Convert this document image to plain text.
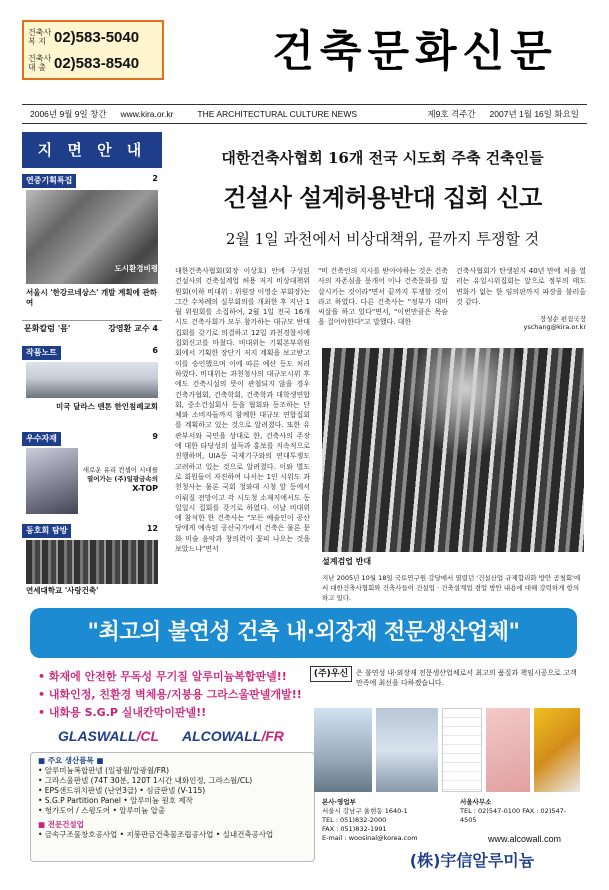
건축사
복 지 02)583-5040
건축사
대 출 02)583-8540	건축문화신문
2006년 9월 9일 창간 www.kira.or.kr	THE ARCHITECTURAL CULTURE NEWS	제9호 격주간 2007년 1월 16일 화요일
지 면 안 내
연중기획특집	2
도시환경비평
서울시 '한강르네상스' 개발 계획에 관하여
문화칼럼 '몸'	강영환 교수 4
작품노트	6
미국 달라스 덴톤 한인침례교회
우수자재	9
새로운 유리 컨셉이 시대를
열어가는 (주)일광금속의
X-TOP
동호회 탐방	12
연세대학교 '사랑건축'
대한건축사협회 16개 전국 시도회 주축 건축인들
건설사 설계허용반대 집회 신고
2월 1일 과천에서 비상대책위, 끝까지 투쟁할 것
대한건축사협회(회장 이상호) 안에 구성된 건설사의 건축설계업 허용 저지 비상대책위원회(이하 비대위 : 위원장 이영순 부회장)는 그간 수차례의 실무회의를 개최한 후 지난 1월 위원회를 소집하여, 2월 1일 전국 16개 시도 건축사회가 모두 참가하는 대규모 반대집회를 갖기로 의결하고 12일 과천경찰서에 집회신고를 마쳤다. 비대위는 기획본부위원회에서 기획한 장단기 저지 계획을 보고받고 이를 승인했으며 이에 따른 예산 등도 처리하였다. 비대위는 과천청사의 대규모시위 후에도 건축시설의 뜻이 관철되지 않을 경우 건축가협회, 건축학회, 건축학과 대학생연합회, 중소건설회사 등을 협회와 동조하는 단체와 소비자들까지 함께한 대규모 연합집회를 계획하고 있는 것으로 알려졌다. 또한 유관부서와 국민을 상대로 한, 건축사의 주장에 대한 타당성의 설득과 홍보를 지속적으로 진행하며, UIA등 국제기구와의 연대투쟁도 고려하고 있는 것으로 알려졌다. 이와 별도로 회원들이 자진하여 나서는 1인 시위도 과천청사는 물론 국회 청와대 시청 앞 등에서 이뤄질 전망이고 각 시도청 소재지에서도 동일일시 집회를 갖기로 하였다. 이날 비대위에 참석한 한 건축사는 "모든 예술인이 공산당에게 예속된 공산국가에서 건축은 물론 문화 미술 음악과 창의력이 꽃피 나오는 것을 보았느냐"면서
"비 건축인의 지시를 받아야하는 것은 건축사의 자존심을 뭉개어 이나 건축문화를 말살시키는 것이라"면서 끝까지 투쟁할 것이라고 하였다. 다른 건축사는 "정부가 대마씨살을 하고 있다"면서, "이번만큼은 목숨을 걸어야한다"고 말했다. 대한
건축사협회가 탄생된지 40년 만에 처음 열리는 유일시위집회는 앞으로 정부의 태도 변화가 없는 한 임의판까지 파장을 불러올 것 같다.
장성순 편집국장
yschang@kira.or.kr
설계검업 반대
지난 2005년 10월 18일 국토연구원 강당에서 열렸던 '건설산업 규제합리화 방안 공청회'에서 대한건축사협회와 건축사들이 건설업 · 건축설계업 겸업 방안 내용에 대해 강력하게 항의하고 있다.
"최고의 불연성 건축 내·외장재 전문생산업체"
• 화재에 안전한 무독성 무기질 알루미늄복합판넬!!
• 내화인정, 친환경 벽체용/지붕용 그라스울판넬개발!!
• 내화용 S.G.P 실내칸막이판넬!!
(주)우신	은 불연성 내·외장재 전문생산업체로서 최고의 품질과 책임시공으로 고객만족에 최선을 다하겠습니다.
GLASWALL/CL ALCOWALL/FR
■ 주요 생산품목 ■
• 알루미늄복합판넬 (일광월/알광월/FR)
• 그라스울판넬 (74T 30분, 120T 1시간 내화인정, 그라스월/CL)
• EPS샌드위치판넬 (난연3급) • 심금판넬 (V-115)
• S.G.P Partition Panel • 알루미늄 원호 제작
• 헝가도어 / 스윙도어 • 알루미늄 압출
■ 전문건설업
• 금속구조물창호공사업 • 지붕판금건축물조립공사업 • 실내건축공사업
본사·영업부
서울시 강남구 율현동 1640-1
TEL : 051)832-2000
FAX : 051)832-1991
E-mail : woosinal@korea.com
서울사무소
TEL : 02)547-0100 FAX : 02)547-4505
www.alcowall.com
(株)宇信알루미늄
